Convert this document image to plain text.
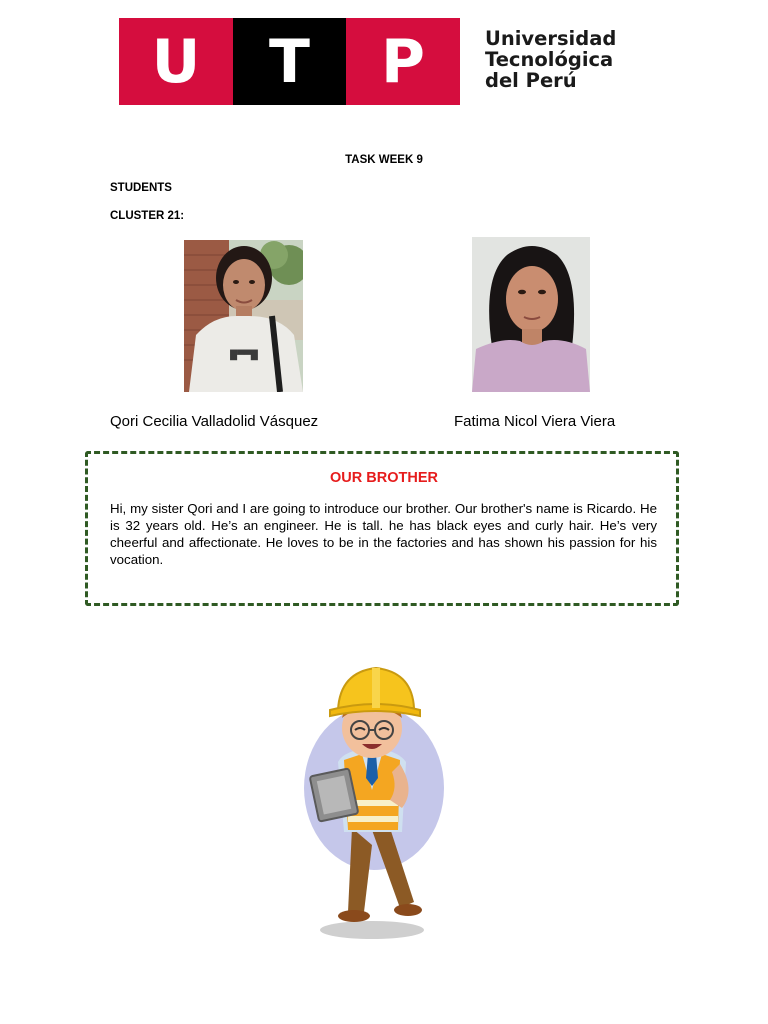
U	T	P	Universidad
Tecnológica
del Perú
TASK WEEK 9
STUDENTS
CLUSTER 21:
█▀▀█
Qori Cecilia Valladolid Vásquez	Fatima Nicol Viera Viera
OUR BROTHER
Hi, my sister Qori and I are going to introduce our brother. Our brother's name is Ricardo. He is 32 years old. He’s an engineer. He is tall. he has black eyes and curly hair. He’s very cheerful and affectionate. He loves to be in the factories and has shown his passion for his vocation.
